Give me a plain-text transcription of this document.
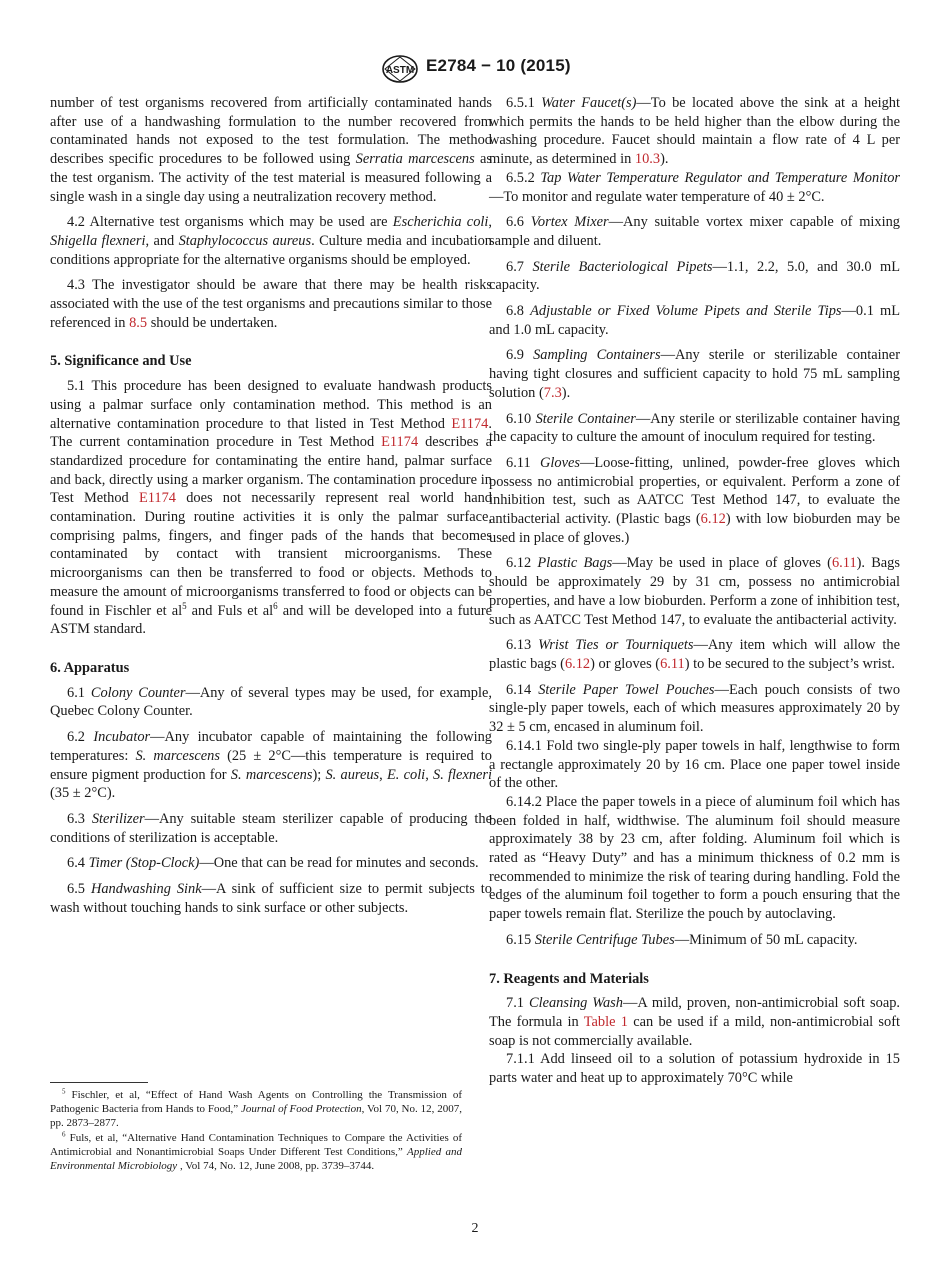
ASTM E2784 − 10 (2015)

number of test organisms recovered from artificially contaminated hands after use of a handwashing formulation to the number recovered from contaminated hands not exposed to the test formulation. The method describes specific procedures to be followed using Serratia marcescens as the test organism. The activity of the test material is measured following a single wash in a single day using a neutralization recovery method.

4.2 Alternative test organisms which may be used are Escherichia coli, Shigella flexneri, and Staphylococcus aureus. Culture media and incubation conditions appropriate for the alternative organisms should be employed.

4.3 The investigator should be aware that there may be health risks associated with the use of the test organisms and precautions similar to those referenced in 8.5 should be undertaken.

5. Significance and Use

5.1 This procedure has been designed to evaluate handwash products using a palmar surface only contamination method. This method is an alternative contamination procedure to that listed in Test Method E1174. The current contamination procedure in Test Method E1174 describes a standardized procedure for contaminating the entire hand, palmar surface and back, directly using a marker organism. The contamination procedure in Test Method E1174 does not necessarily represent real world hand contamination. During routine activities it is only the palmar surface, comprising palms, fingers, and finger pads of the hands that becomes contaminated by contact with transient microorganisms. These microorganisms can then be transferred to food or objects. Methods to measure the amount of microorganisms transferred to food or objects can be found in Fischler et $al^5$ and Fuls et $al^6$ and will be developed into a future ASTM standard.

6. Apparatus

6.1 Colony Counter—Any of several types may be used, for example, Quebec Colony Counter.

6.2 Incubator—Any incubator capable of maintaining the following temperatures: S. marcescens (25 ± 2°C—this temperature is required to ensure pigment production for S. marcescens); S. aureus, E. coli, S. flexneri (35 ± 2°C).

6.3 Sterilizer—Any suitable steam sterilizer capable of producing the conditions of sterilization is acceptable.

6.4 Timer (Stop-Clock)—One that can be read for minutes and seconds.

6.5 Handwashing Sink—A sink of sufficient size to permit subjects to wash without touching hands to sink surface or other subjects.

6.5.1 Water Faucet(s)—To be located above the sink at a height which permits the hands to be held higher than the elbow during the washing procedure. Faucet should maintain a flow rate of 4 L per minute, as determined in 10.3).

6.5.2 Tap Water Temperature Regulator and Temperature Monitor—To monitor and regulate water temperature of 40 ± 2°C.

6.6 Vortex Mixer—Any suitable vortex mixer capable of mixing sample and diluent.

6.7 Sterile Bacteriological Pipets—1.1, 2.2, 5.0, and 30.0 mL capacity.

6.8 Adjustable or Fixed Volume Pipets and Sterile Tips—0.1 mL and 1.0 mL capacity.

6.9 Sampling Containers—Any sterile or sterilizable container having tight closures and sufficient capacity to hold 75 mL sampling solution (7.3).

6.10 Sterile Container—Any sterile or sterilizable container having the capacity to culture the amount of inoculum required for testing.

6.11 Gloves—Loose-fitting, unlined, powder-free gloves which possess no antimicrobial properties, or equivalent. Perform a zone of inhibition test, such as AATCC Test Method 147, to evaluate the antibacterial activity. (Plastic bags (6.12) with low bioburden may be used in place of gloves.)

6.12 Plastic Bags—May be used in place of gloves (6.11). Bags should be approximately 29 by 31 cm, possess no antimicrobial properties, and have a low bioburden. Perform a zone of inhibition test, such as AATCC Test Method 147, to evaluate the antibacterial activity.

6.13 Wrist Ties or Tourniquets—Any item which will allow the plastic bags (6.12) or gloves (6.11) to be secured to the subject’s wrist.

6.14 Sterile Paper Towel Pouches—Each pouch consists of two single-ply paper towels, each of which measures approximately 20 by 32 ± 5 cm, encased in aluminum foil.

6.14.1 Fold two single-ply paper towels in half, lengthwise to form a rectangle approximately 20 by 16 cm. Place one paper towel inside of the other.

6.14.2 Place the paper towels in a piece of aluminum foil which has been folded in half, widthwise. The aluminum foil should measure approximately 38 by 23 cm, after folding. Aluminum foil which is rated as “Heavy Duty” and has a minimum thickness of 0.2 mm is recommended to minimize the risk of tearing during handling. Fold the edges of the aluminum foil together to form a pouch ensuring that the paper towels remain flat. Sterilize the pouch by autoclaving.

6.15 Sterile Centrifuge Tubes—Minimum of 50 mL capacity.

7. Reagents and Materials

7.1 Cleansing Wash—A mild, proven, non-antimicrobial soft soap. The formula in Table 1 can be used if a mild, non-antimicrobial soft soap is not commercially available.

7.1.1 Add linseed oil to a solution of potassium hydroxide in 15 parts water and heat up to approximately 70°C while

$^5$ Fischler, et al, “Effect of Hand Wash Agents on Controlling the Transmission of Pathogenic Bacteria from Hands to Food,” Journal of Food Protection, Vol 70, No. 12, 2007, pp. 2873–2877.

$^6$ Fuls, et al, “Alternative Hand Contamination Techniques to Compare the Activities of Antimicrobial and Nonantimicrobial Soaps Under Different Test Conditions,” Applied and Environmental Microbiology , Vol 74, No. 12, June 2008, pp. 3739–3744.

2
